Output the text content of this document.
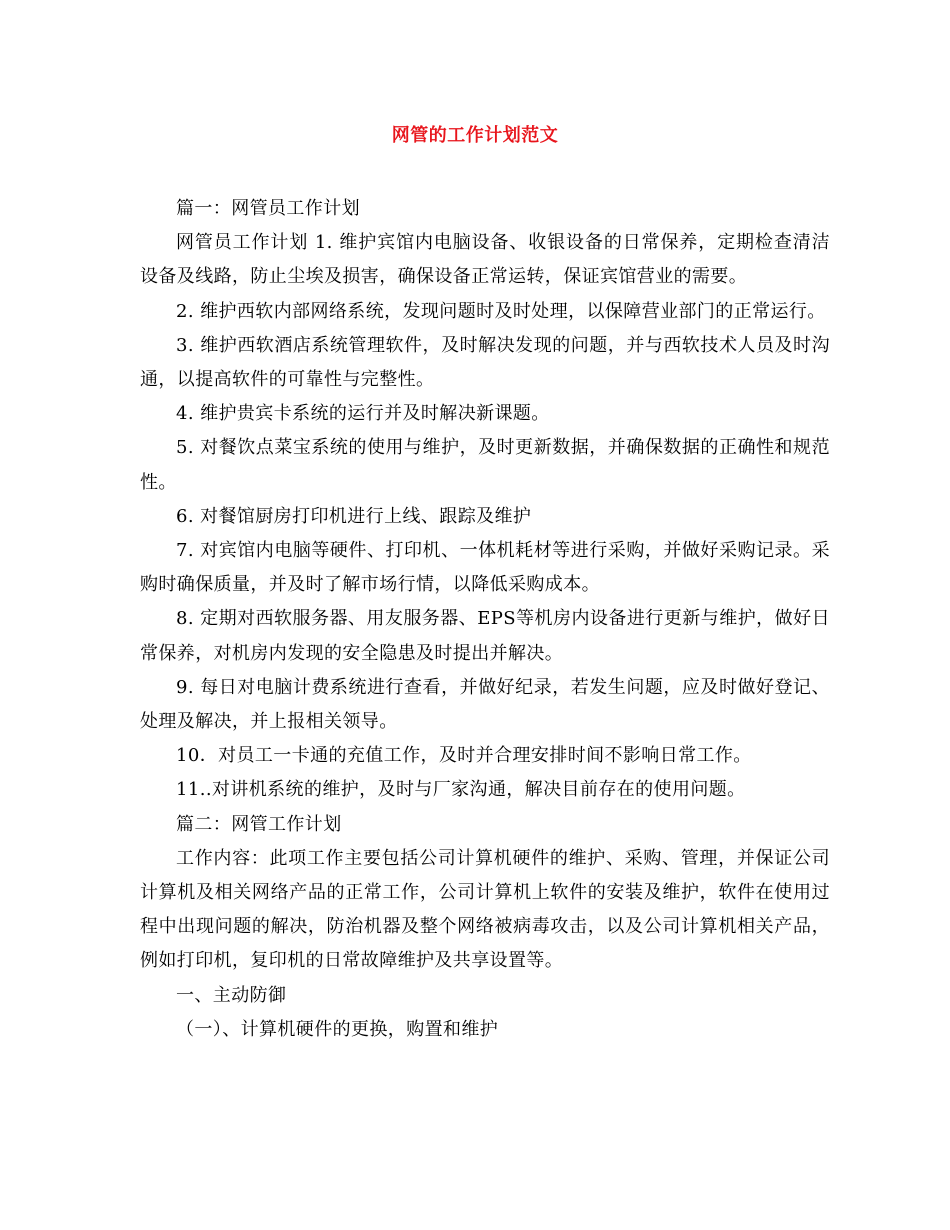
网管的工作计划范文

篇一：网管员工作计划

网管员工作计划 1. 维护宾馆内电脑设备、收银设备的日常保养，定期检查清洁设备及线路，防止尘埃及损害，确保设备正常运转，保证宾馆营业的需要。

2. 维护西软内部网络系统，发现问题时及时处理，以保障营业部门的正常运行。

3. 维护西软酒店系统管理软件，及时解决发现的问题，并与西软技术人员及时沟通，以提高软件的可靠性与完整性。

4. 维护贵宾卡系统的运行并及时解决新课题。

5. 对餐饮点菜宝系统的使用与维护，及时更新数据，并确保数据的正确性和规范性。

6. 对餐馆厨房打印机进行上线、跟踪及维护

7. 对宾馆内电脑等硬件、打印机、一体机耗材等进行采购，并做好采购记录。采购时确保质量，并及时了解市场行情，以降低采购成本。

8. 定期对西软服务器、用友服务器、EPS等机房内设备进行更新与维护，做好日常保养，对机房内发现的安全隐患及时提出并解决。

9. 每日对电脑计费系统进行查看，并做好纪录，若发生问题，应及时做好登记、处理及解决，并上报相关领导。

10．对员工一卡通的充值工作，及时并合理安排时间不影响日常工作。

11..对讲机系统的维护，及时与厂家沟通，解决目前存在的使用问题。

篇二：网管工作计划

工作内容：此项工作主要包括公司计算机硬件的维护、采购、管理，并保证公司计算机及相关网络产品的正常工作，公司计算机上软件的安装及维护，软件在使用过程中出现问题的解决，防治机器及整个网络被病毒攻击，以及公司计算机相关产品，例如打印机，复印机的日常故障维护及共享设置等。

一、主动防御

（一）、计算机硬件的更换，购置和维护
